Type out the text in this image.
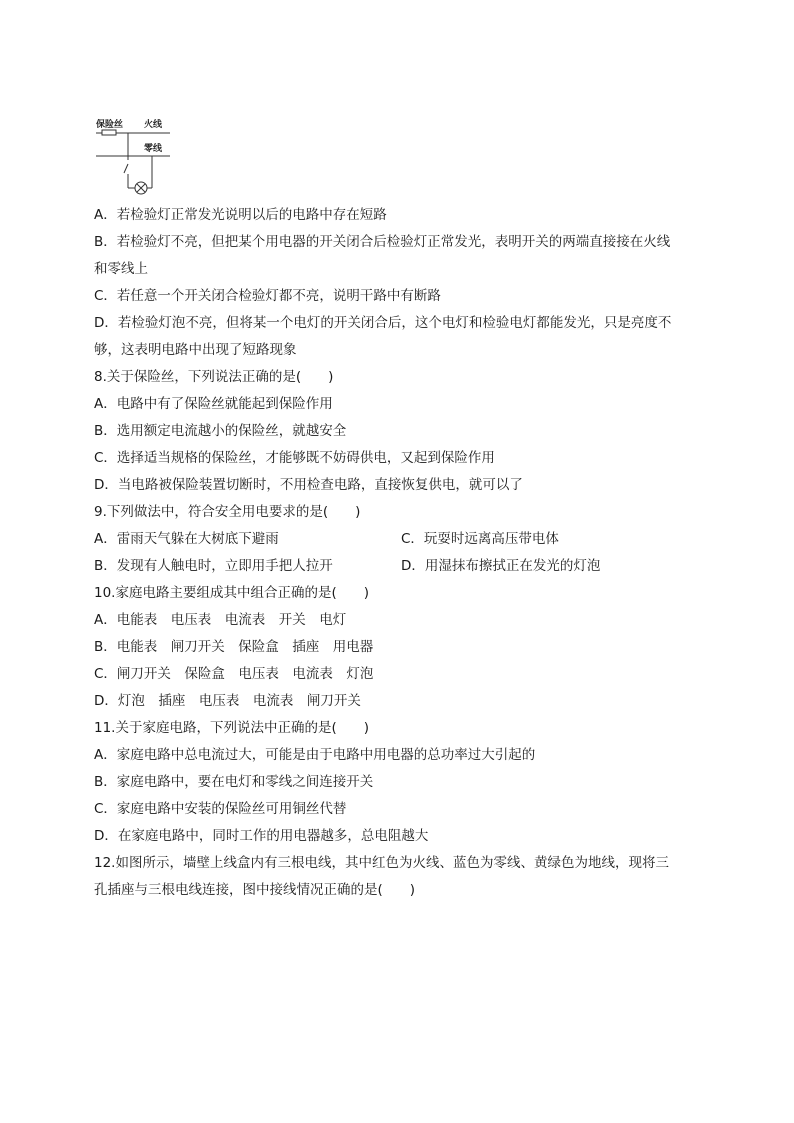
保险丝 火线
零线
A．若检验灯正常发光说明以后的电路中存在短路
B．若检验灯不亮，但把某个用电器的开关闭合后检验灯正常发光，表明开关的两端直接接在火线
和零线上
C．若任意一个开关闭合检验灯都不亮，说明干路中有断路
D．若检验灯泡不亮，但将某一个电灯的开关闭合后，这个电灯和检验电灯都能发光，只是亮度不
够，这表明电路中出现了短路现象
8.关于保险丝，下列说法正确的是(　　)
A．电路中有了保险丝就能起到保险作用
B．选用额定电流越小的保险丝，就越安全
C．选择适当规格的保险丝，才能够既不妨碍供电，又起到保险作用
D．当电路被保险装置切断时，不用检查电路，直接恢复供电，就可以了
9.下列做法中，符合安全用电要求的是(　　)
A．雷雨天气躲在大树底下避雨	C．玩耍时远离高压带电体
B．发现有人触电时，立即用手把人拉开	D．用湿抹布擦拭正在发光的灯泡
10.家庭电路主要组成其中组合正确的是(　　)
A．电能表　电压表　电流表　开关　电灯
B．电能表　闸刀开关　保险盒　插座　用电器
C．闸刀开关　保险盒　电压表　电流表　灯泡
D．灯泡　插座　电压表　电流表　闸刀开关
11.关于家庭电路，下列说法中正确的是(　　)
A．家庭电路中总电流过大，可能是由于电路中用电器的总功率过大引起的
B．家庭电路中，要在电灯和零线之间连接开关
C．家庭电路中安装的保险丝可用铜丝代替
D．在家庭电路中，同时工作的用电器越多，总电阻越大
12.如图所示，墙壁上线盒内有三根电线，其中红色为火线、蓝色为零线、黄绿色为地线，现将三
孔插座与三根电线连接，图中接线情况正确的是(　　)
